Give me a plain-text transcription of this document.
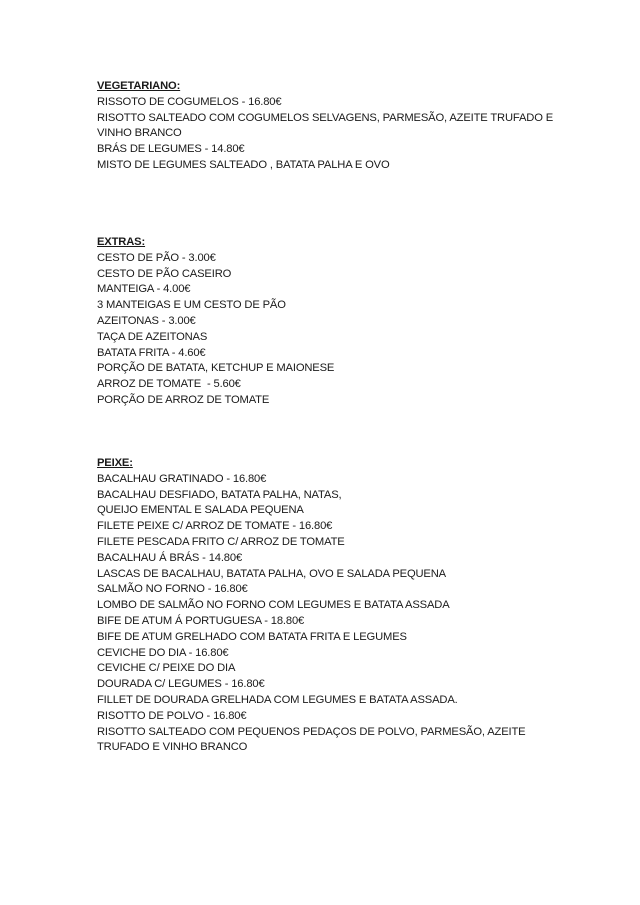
VEGETARIANO:
RISSOTO DE COGUMELOS - 16.80€
RISOTTO SALTEADO COM COGUMELOS SELVAGENS, PARMESÃO, AZEITE TRUFADO E
VINHO BRANCO
BRÁS DE LEGUMES - 14.80€
MISTO DE LEGUMES SALTEADO , BATATA PALHA E OVO
EXTRAS:
CESTO DE PÃO - 3.00€
CESTO DE PÃO CASEIRO
MANTEIGA - 4.00€
3 MANTEIGAS E UM CESTO DE PÃO
AZEITONAS - 3.00€
TAÇA DE AZEITONAS
BATATA FRITA - 4.60€
PORÇÃO DE BATATA, KETCHUP E MAIONESE
ARROZ DE TOMATE  - 5.60€
PORÇÃO DE ARROZ DE TOMATE
PEIXE:
BACALHAU GRATINADO - 16.80€
BACALHAU DESFIADO, BATATA PALHA, NATAS,
QUEIJO EMENTAL E SALADA PEQUENA
FILETE PEIXE C/ ARROZ DE TOMATE - 16.80€
FILETE PESCADA FRITO C/ ARROZ DE TOMATE
BACALHAU Á BRÁS - 14.80€
LASCAS DE BACALHAU, BATATA PALHA, OVO E SALADA PEQUENA
SALMÃO NO FORNO - 16.80€
LOMBO DE SALMÃO NO FORNO COM LEGUMES E BATATA ASSADA
BIFE DE ATUM Á PORTUGUESA - 18.80€
BIFE DE ATUM GRELHADO COM BATATA FRITA E LEGUMES
CEVICHE DO DIA - 16.80€
CEVICHE C/ PEIXE DO DIA
DOURADA C/ LEGUMES - 16.80€
FILLET DE DOURADA GRELHADA COM LEGUMES E BATATA ASSADA.
RISOTTO DE POLVO - 16.80€
RISOTTO SALTEADO COM PEQUENOS PEDAÇOS DE POLVO, PARMESÃO, AZEITE
TRUFADO E VINHO BRANCO
